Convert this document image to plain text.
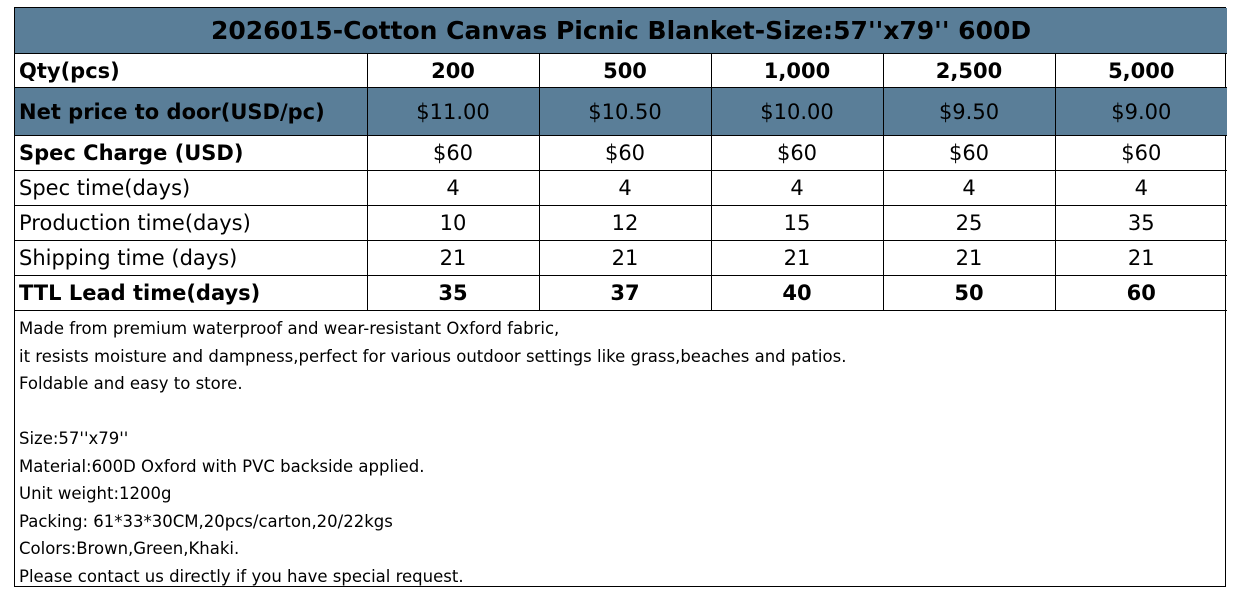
2026015-Cotton Canvas Picnic Blanket-Size:57''x79'' 600D					
Qty(pcs)	200	500	1,000	2,500	5,000
Net price to door(USD/pc)	$11.00	$10.50	$10.00	$9.50	$9.00
Spec Charge (USD)	$60	$60	$60	$60	$60
Spec time(days)	4	4	4	4	4
Production time(days)	10	12	15	25	35
Shipping time (days)	21	21	21	21	21
TTL Lead time(days)	35	37	40	50	60
Made from premium waterproof and wear-resistant Oxford fabric,
it resists moisture and dampness,perfect for various outdoor settings like grass,beaches and patios.
Foldable and easy to store.
Size:57''x79''
Material:600D Oxford with PVC backside applied.
Unit weight:1200g
Packing: 61*33*30CM,20pcs/carton,20/22kgs
Colors:Brown,Green,Khaki.
Please contact us directly if you have special request.
